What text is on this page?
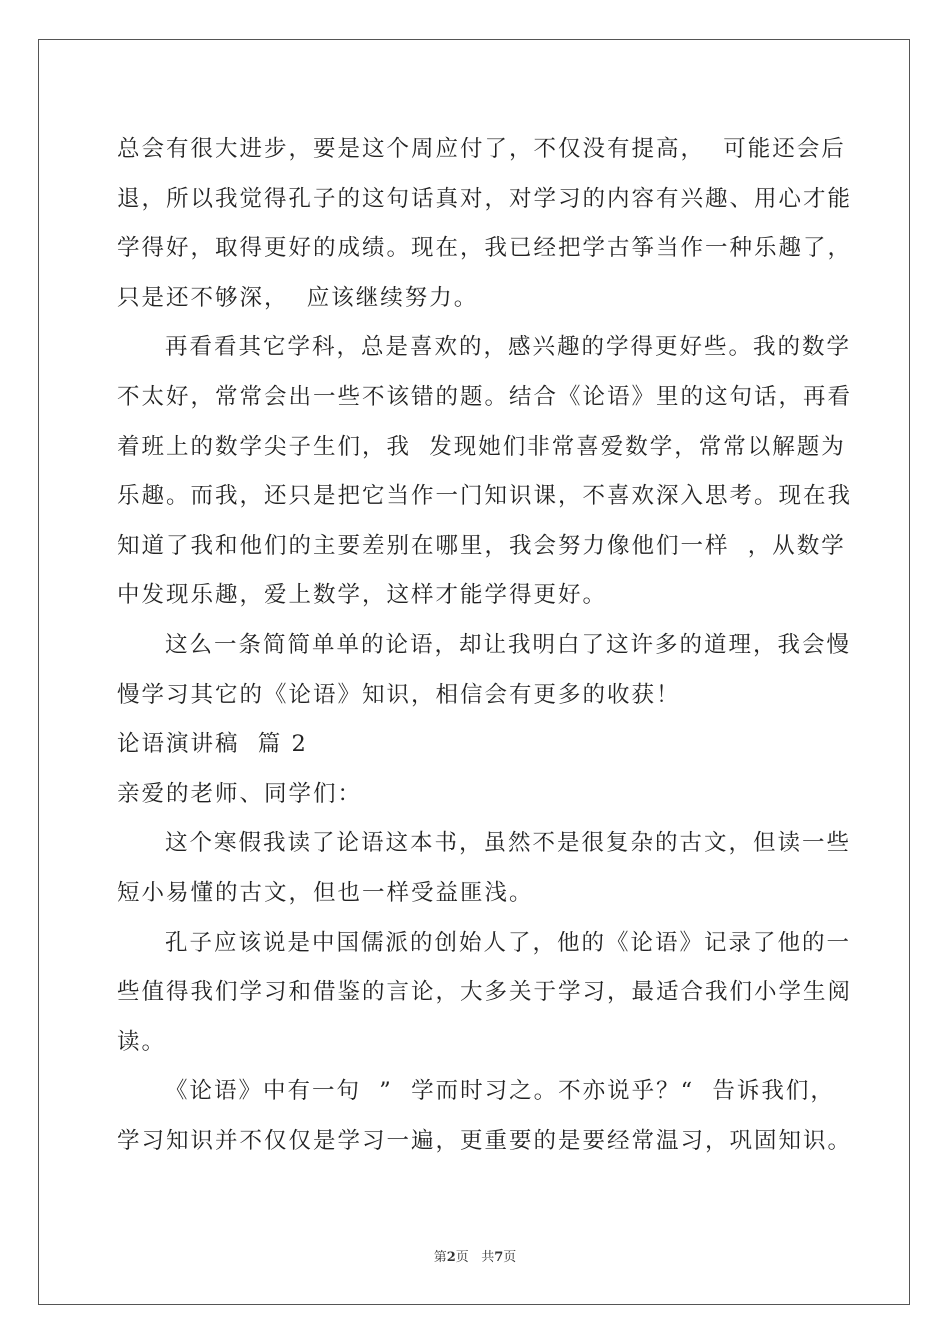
总会有很大进步，要是这个周应付了，不仅没有提高，  可能还会后
退，所以我觉得孔子的这句话真对，对学习的内容有兴趣、用心才能
学得好，取得更好的成绩。现在，我已经把学古筝当作一种乐趣了，
只是还不够深，  应该继续努力。
再看看其它学科，总是喜欢的，感兴趣的学得更好些。我的数学
不太好，常常会出一些不该错的题。结合《论语》里的这句话，再看
着班上的数学尖子生们，我  发现她们非常喜爱数学，常常以解题为
乐趣。而我，还只是把它当作一门知识课，不喜欢深入思考。现在我
知道了我和他们的主要差别在哪里，我会努力像他们一样  ，从数学
中发现乐趣，爱上数学，这样才能学得更好。
这么一条简简单单的论语，却让我明白了这许多的道理，我会慢
慢学习其它的《论语》知识，相信会有更多的收获！
论语演讲稿  篇 2
亲爱的老师、同学们：
这个寒假我读了论语这本书，虽然不是很复杂的古文，但读一些
短小易懂的古文，但也一样受益匪浅。
孔子应该说是中国儒派的创始人了，他的《论语》记录了他的一
些值得我们学习和借鉴的言论，大多关于学习，最适合我们小学生阅
读。
《论语》中有一句  ”  学而时习之。不亦说乎？“  告诉我们，
学习知识并不仅仅是学习一遍，更重要的是要经常温习，巩固知识。
第2页 共7页
